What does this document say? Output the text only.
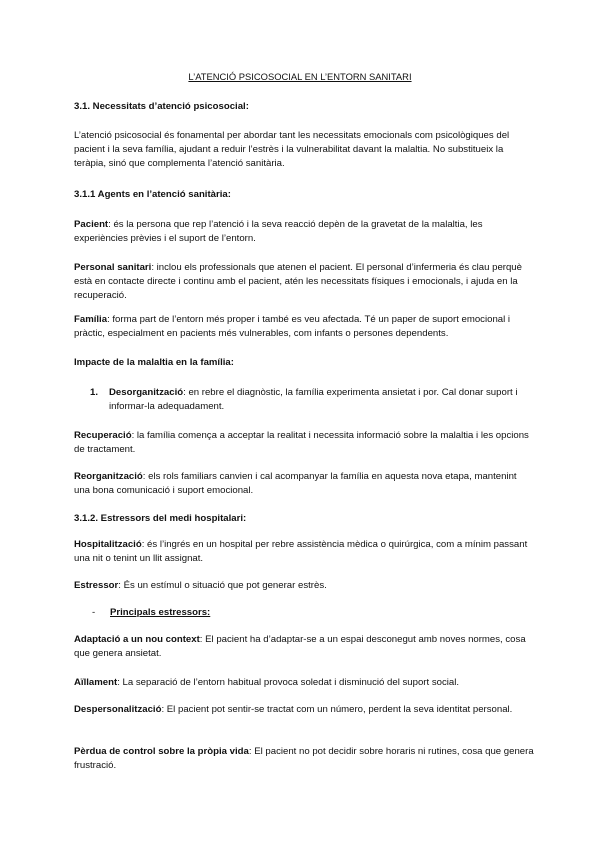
L’ATENCIÓ PSICOSOCIAL EN L’ENTORN SANITARI
3.1. Necessitats d’atenció psicosocial:
L’atenció psicosocial és fonamental per abordar tant les necessitats emocionals com psicològiques del pacient i la seva família, ajudant a reduir l’estrès i la vulnerabilitat davant la malaltia. No substitueix la teràpia, sinó que complementa l’atenció sanitària.
3.1.1 Agents en l’atenció sanitària:
Pacient: és la persona que rep l’atenció i la seva reacció depèn de la gravetat de la malaltia, les experiències prèvies i el suport de l’entorn.
Personal sanitari: inclou els professionals que atenen el pacient. El personal d’infermeria és clau perquè està en contacte directe i continu amb el pacient, atén les necessitats físiques i emocionals, i ajuda en la recuperació.
Família: forma part de l’entorn més proper i també es veu afectada. Té un paper de suport emocional i pràctic, especialment en pacients més vulnerables, com infants o persones dependents.
Impacte de la malaltia en la família:
1. Desorganització: en rebre el diagnòstic, la família experimenta ansietat i por. Cal donar suport i informar-la adequadament.
Recuperació: la família comença a acceptar la realitat i necessita informació sobre la malaltia i les opcions de tractament.
Reorganització: els rols familiars canvien i cal acompanyar la família en aquesta nova etapa, mantenint una bona comunicació i suport emocional.
3.1.2. Estressors del medi hospitalari:
Hospitalització: és l’ingrés en un hospital per rebre assistència mèdica o quirúrgica, com a mínim passant una nit o tenint un llit assignat.
Estressor: És un estímul o situació que pot generar estrès.
- Principals estressors:
Adaptació a un nou context: El pacient ha d’adaptar-se a un espai desconegut amb noves normes, cosa que genera ansietat.
Aïllament: La separació de l’entorn habitual provoca soledat i disminució del suport social.
Despersonalització: El pacient pot sentir-se tractat com un número, perdent la seva identitat personal.
Pèrdua de control sobre la pròpia vida: El pacient no pot decidir sobre horaris ni rutines, cosa que genera frustració.
